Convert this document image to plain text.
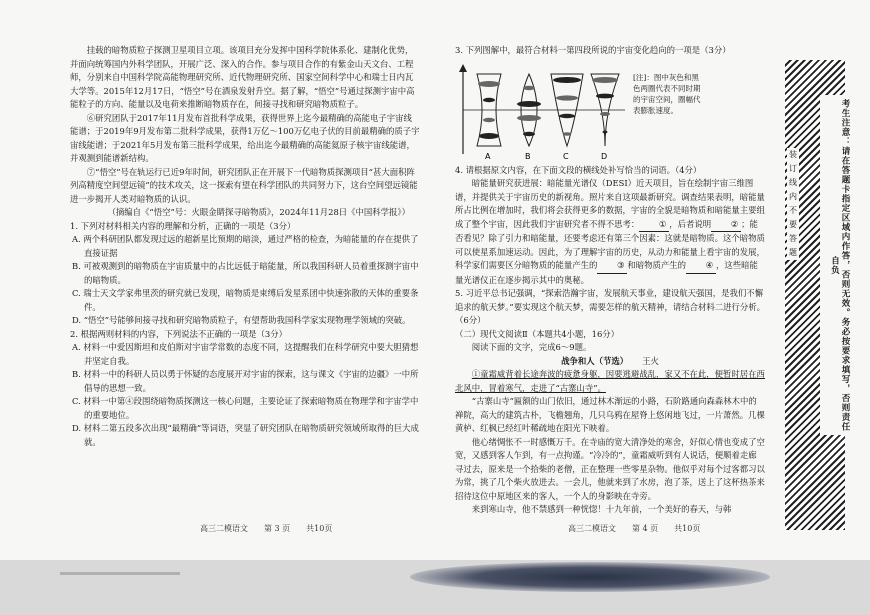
挂载的暗物质粒子探测卫星项目立项。该项目充分发挥中国科学院体系化、建制化优势，并面向统筹国内外科学团队，开展广泛、深入的合作。参与项目合作的有紫金山天文台、工程师，分别来自中国科学院高能物理研究所、近代物理研究所、国家空间科学中心和瑞士日内瓦大学等。2015年12月17日，“悟空”号在酒泉发射升空。据了解，“悟空”号通过探测宇宙中高能粒子的方向、能量以及电荷来推断暗物质存在，间接寻找和研究暗物质粒子。

⑥研究团队于2017年11月发布首批科学成果，获得世界上迄今最精确的高能电子宇宙线能谱；于2019年9月发布第二批科学成果，获得1万亿～100万亿电子伏的目前最精确的质子宇宙线能谱；于2021年5月发布第三批科学成果，给出迄今最精确的高能氦原子核宇宙线能谱，并观测到能谱新结构。

⑦“悟空”号在轨运行已近9年时间，研究团队正在开展下一代暗物质探测项目“甚大面积阵列高精度空间望远镜”的技术攻关，这一探索有望在科学团队的共同努力下，这台空间望远镜能进一步揭开人类对暗物质的认识。

（摘编自《“悟空”号：火眼金睛探寻暗物质》，2024年11月28日《中国科学报》）

1. 下列对材料相关内容的理解和分析，正确的一项是（3分）

A. 两个科研团队都发现过远的超新星比预期的暗淡，通过严格的检查，为暗能量的存在提供了直接证据

B. 可被观测到的暗物质在宇宙质量中的占比远低于暗能量，所以我国科研人员着重探测宇宙中的暗物质。

C. 瑞士天文学家弗里茨的研究就已发现，暗物质是束缚后发星系团中快速弥散的天体的重要条件。

D. “悟空”号能够间接寻找和研究暗物质粒子，有望帮助我国科学家实现物理学领域的突破。

2. 根据两则材料的内容，下列说法不正确的一项是（3分）

A. 材料一中爱因斯坦和皮伯斯对宇宙学常数的态度不同，这提醒我们在科学研究中要大胆猜想并坚定自我。

B. 材料一中的科研人员以勇于怀疑的态度展开对宇宙的探索，这与课文《宇宙的边疆》一中所倡导的思想一致。

C. 材料一中第④段围绕暗物质探测这一核心问题，主要论证了探索暗物质在物理学和宇宙学中的重要地位。

D. 材料二第五段多次出现“最精确”等词语，突显了研究团队在暗物质研究领域所取得的巨大成就。

高三二模语文　　第 3 页　　共10页

3. 下列图解中，最符合材料一第四段所说的宇宙变化趋向的一项是（3分）

A	B	C	D
[注]：图中灰色和黑色两圈代表不同时期的宇宙空间，圈幅代表膨胀速度。

4. 请根据原文内容，在下面文段的横线处补写恰当的词语。（4分）

暗能量研究获进展：暗能量光谱仪（DESI）近天项目，旨在绘制宇宙三维图谱，并提供关于宇宙历史的新视角。照片来自这项最新研究。调查结果表明，暗能量所占比例在增加时，我们将会获得更多的数据，宇宙的全貌是暗物质和暗能量主要组成了整个宇宙，因此我们宇宙研究者不得不思考： ① ，后者说明 ② ；能否看见？除了引力和暗能量，还要考虑还有第三个因素：这就是暗物质。这个暗物质可以使星系加速运动。因此，为了理解宇宙的历史，从动力和能量上看宇宙的发展，科学家们需要区分暗物质的能量产生的 ③ 和暗物质产生的 ④ ，这些暗能量光谱仪正在逐步揭示其中的奥秘。

5. 习近平总书记强调，“探索浩瀚宇宙，发展航天事业，建设航天强国，是我们不懈追求的航天梦。”要实现这个航天梦，需要怎样的航天精神，请结合材料二进行分析。（6分）

（二）现代文阅读Ⅱ（本题共4小题，16分）

阅读下面的文字，完成6～9题。

战争和人（节选） 王火

①童霜威背着长途奔波的疲惫身躯，因要逃避战乱，家又不在此，便暂时居在西北风中，冒着寒气，走进了“古寨山寺”。

“古寨山寺”匾额的山门依旧，通过林木渐远的小路，石阶路通向森森林木中的禅院，高大的建筑古朴，飞檐翘角，几只乌鸦在屋脊上悠闲地飞过，一片萧然。几棵黄栌、红枫已经红叶稀疏地在阳光下映着。

他心绪惆怅不一时感慨万千。在寺庙的宽大清净处的寒舍，好似心情也变成了空宽，又感到客人乍到，有一点拘谨。“冷冷的”，童霜威听到有人说话，便顺着走廊寻过去，原来是一个拾柴的老僧，正在整理一些零星杂物。他似乎对每个过客都习以为常，挑了几个柴火放进去。一会儿，他就来到了水房，泡了茶，送上了这杯热茶来招待这位中原地区来的客人，一个人的身影映在寺旁。

来到寒山寺，他不禁感到一种恍惚！十九年前，一个美好的春天，与韩

高三二模语文　　第 4 页　　共10页
装订线内不要答题	考生注意：请在答题卡指定区域内作答，否则无效。务必按要求填写，否则责任自负
